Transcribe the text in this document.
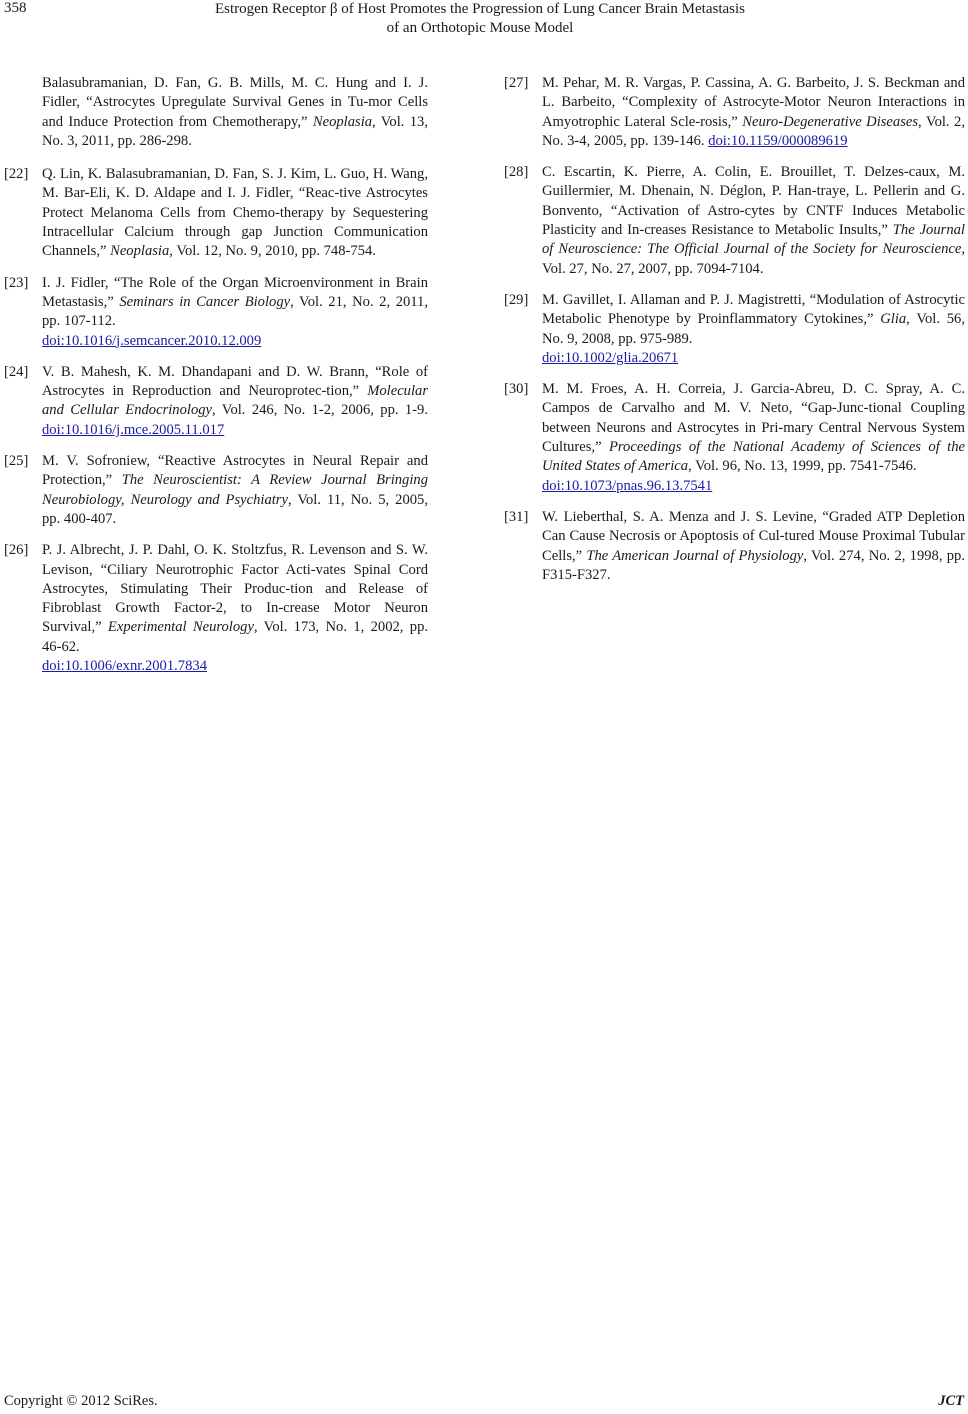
358	Estrogen Receptor β of Host Promotes the Progression of Lung Cancer Brain Metastasis
of an Orthotopic Mouse Model
Balasubramanian, D. Fan, G. B. Mills, M. C. Hung and I. J. Fidler, “Astrocytes Upregulate Survival Genes in Tu-mor Cells and Induce Protection from Chemotherapy,” Neoplasia, Vol. 13, No. 3, 2011, pp. 286-298.
[22] Q. Lin, K. Balasubramanian, D. Fan, S. J. Kim, L. Guo, H. Wang, M. Bar-Eli, K. D. Aldape and I. J. Fidler, “Reac-tive Astrocytes Protect Melanoma Cells from Chemo-therapy by Sequestering Intracellular Calcium through gap Junction Communication Channels,” Neoplasia, Vol. 12, No. 9, 2010, pp. 748-754.
[23] I. J. Fidler, “The Role of the Organ Microenvironment in Brain Metastasis,” Seminars in Cancer Biology, Vol. 21, No. 2, 2011, pp. 107-112.
doi:10.1016/j.semcancer.2010.12.009
[24] V. B. Mahesh, K. M. Dhandapani and D. W. Brann, “Role of Astrocytes in Reproduction and Neuroprotec-tion,” Molecular and Cellular Endocrinology, Vol. 246, No. 1-2, 2006, pp. 1-9. doi:10.1016/j.mce.2005.11.017
[25] M. V. Sofroniew, “Reactive Astrocytes in Neural Repair and Protection,” The Neuroscientist: A Review Journal Bringing Neurobiology, Neurology and Psychiatry, Vol. 11, No. 5, 2005, pp. 400-407.
[26] P. J. Albrecht, J. P. Dahl, O. K. Stoltzfus, R. Levenson and S. W. Levison, “Ciliary Neurotrophic Factor Acti-vates Spinal Cord Astrocytes, Stimulating Their Produc-tion and Release of Fibroblast Growth Factor-2, to In-crease Motor Neuron Survival,” Experimental Neurology, Vol. 173, No. 1, 2002, pp. 46-62.
doi:10.1006/exnr.2001.7834
[27] M. Pehar, M. R. Vargas, P. Cassina, A. G. Barbeito, J. S. Beckman and L. Barbeito, “Complexity of Astrocyte-Motor Neuron Interactions in Amyotrophic Lateral Scle-rosis,” Neuro-Degenerative Diseases, Vol. 2, No. 3-4, 2005, pp. 139-146. doi:10.1159/000089619
[28] C. Escartin, K. Pierre, A. Colin, E. Brouillet, T. Delzes-caux, M. Guillermier, M. Dhenain, N. Déglon, P. Han-traye, L. Pellerin and G. Bonvento, “Activation of Astro-cytes by CNTF Induces Metabolic Plasticity and In-creases Resistance to Metabolic Insults,” The Journal of Neuroscience: The Official Journal of the Society for Neuroscience, Vol. 27, No. 27, 2007, pp. 7094-7104.
[29] M. Gavillet, I. Allaman and P. J. Magistretti, “Modulation of Astrocytic Metabolic Phenotype by Proinflammatory Cytokines,” Glia, Vol. 56, No. 9, 2008, pp. 975-989.
doi:10.1002/glia.20671
[30] M. M. Froes, A. H. Correia, J. Garcia-Abreu, D. C. Spray, A. C. Campos de Carvalho and M. V. Neto, “Gap-Junc-tional Coupling between Neurons and Astrocytes in Pri-mary Central Nervous System Cultures,” Proceedings of the National Academy of Sciences of the United States of America, Vol. 96, No. 13, 1999, pp. 7541-7546.
doi:10.1073/pnas.96.13.7541
[31] W. Lieberthal, S. A. Menza and J. S. Levine, “Graded ATP Depletion Can Cause Necrosis or Apoptosis of Cul-tured Mouse Proximal Tubular Cells,” The American Journal of Physiology, Vol. 274, No. 2, 1998, pp. F315-F327.
Copyright © 2012 SciRes.	JCT
